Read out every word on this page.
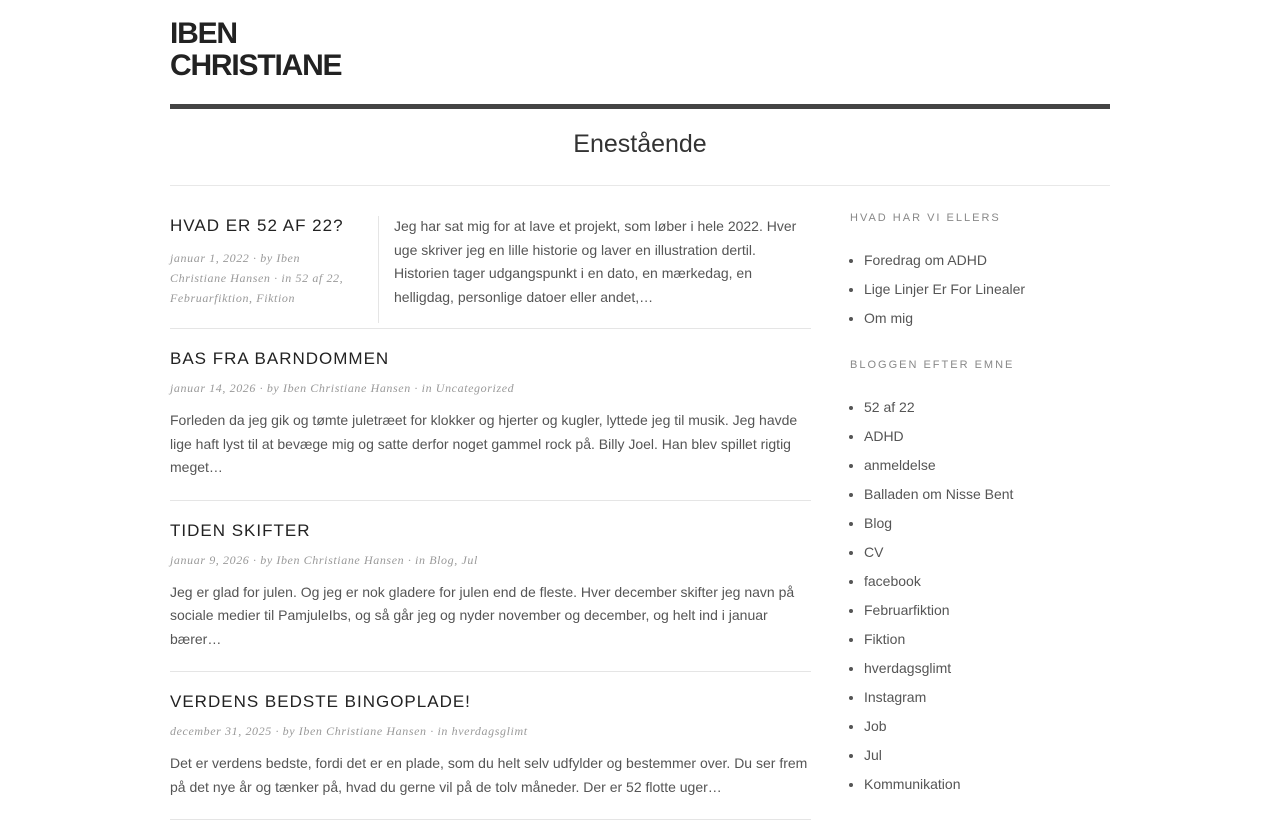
IBEN CHRISTIANE
Enestående
HVAD ER 52 AF 22?
januar 1, 2022 · by Iben Christiane Hansen · in 52 af 22, Februarfiktion, Fiktion

Jeg har sat mig for at lave et projekt, som løber i hele 2022. Hver uge skriver jeg en lille historie og laver en illustration dertil. Historien tager udgangspunkt i en dato, en mærkedag, en helligdag, personlige datoer eller andet,…

BAS FRA BARNDOMMEN
januar 14, 2026 · by Iben Christiane Hansen · in Uncategorized

Forleden da jeg gik og tømte juletræet for klokker og hjerter og kugler, lyttede jeg til musik. Jeg havde lige haft lyst til at bevæge mig og satte derfor noget gammel rock på. Billy Joel. Han blev spillet rigtig meget…

TIDEN SKIFTER
januar 9, 2026 · by Iben Christiane Hansen · in Blog, Jul

Jeg er glad for julen. Og jeg er nok gladere for julen end de fleste. Hver december skifter jeg navn på sociale medier til PamjuleIbs, og så går jeg og nyder november og december, og helt ind i januar bærer…

VERDENS BEDSTE BINGOPLADE!
december 31, 2025 · by Iben Christiane Hansen · in hverdagsglimt

Det er verdens bedste, fordi det er en plade, som du helt selv udfylder og bestemmer over. Du ser frem på det nye år og tænker på, hvad du gerne vil på de tolv måneder. Der er 52 flotte uger…

HVAD HAR VI ELLERS
• Foredrag om ADHD
• Lige Linjer Er For Linealer
• Om mig
BLOGGEN EFTER EMNE
• 52 af 22
• ADHD
• anmeldelse
• Balladen om Nisse Bent
• Blog
• CV
• facebook
• Februarfiktion
• Fiktion
• hverdagsglimt
• Instagram
• Job
• Jul
• Kommunikation
